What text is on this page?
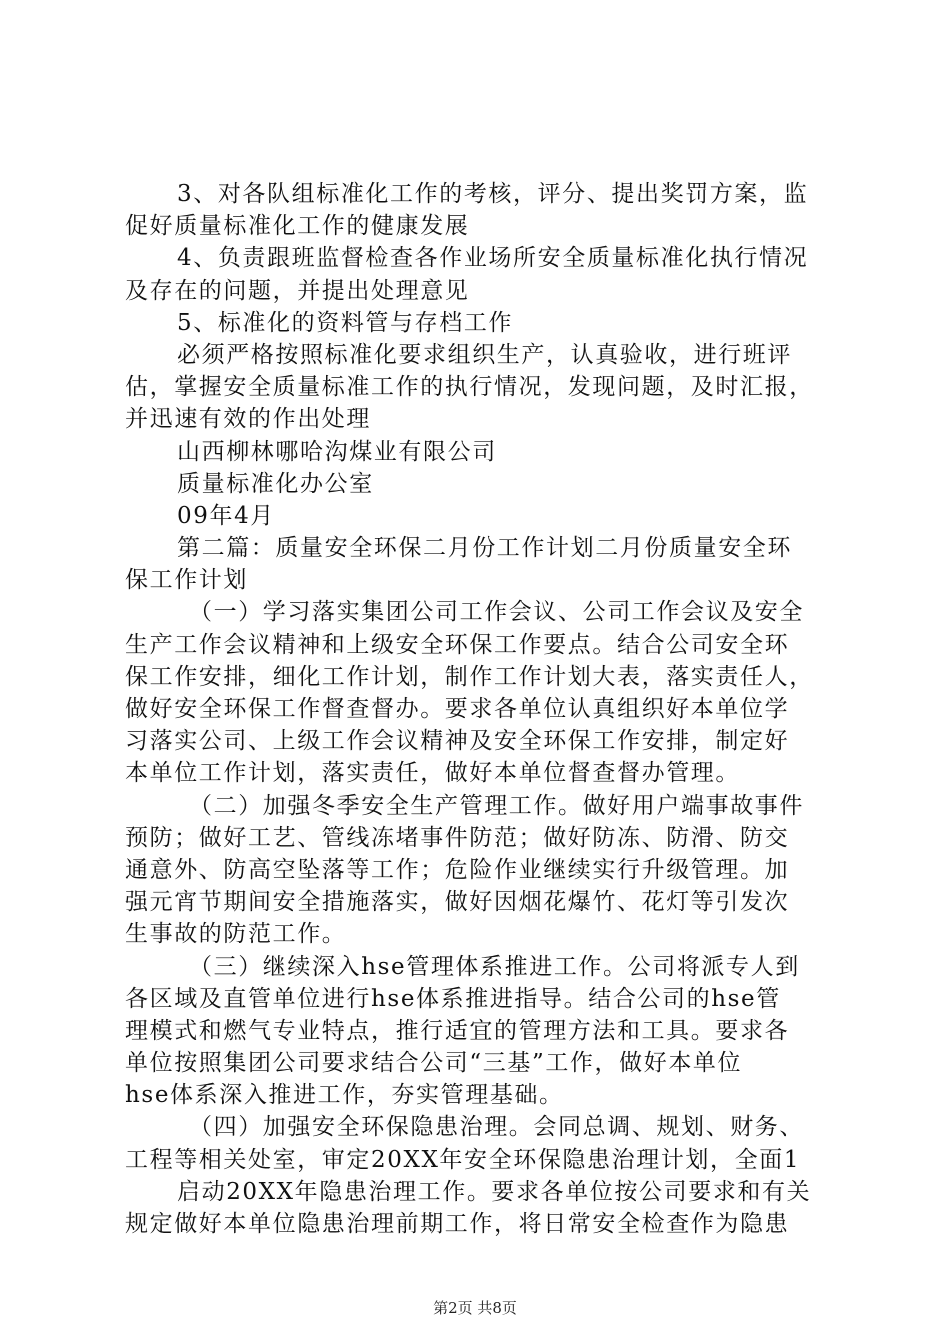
3、对各队组标准化工作的考核，评分、提出奖罚方案，监
促好质量标准化工作的健康发展
4、负责跟班监督检查各作业场所安全质量标准化执行情况
及存在的问题，并提出处理意见
5、标准化的资料管与存档工作
必须严格按照标准化要求组织生产，认真验收，进行班评
估，掌握安全质量标准工作的执行情况，发现问题，及时汇报，
并迅速有效的作出处理
山西柳林哪哈沟煤业有限公司
质量标准化办公室
09年4月
第二篇：质量安全环保二月份工作计划二月份质量安全环
保工作计划
（一）学习落实集团公司工作会议、公司工作会议及安全
生产工作会议精神和上级安全环保工作要点。结合公司安全环
保工作安排，细化工作计划，制作工作计划大表，落实责任人，
做好安全环保工作督查督办。要求各单位认真组织好本单位学
习落实公司、上级工作会议精神及安全环保工作安排，制定好
本单位工作计划，落实责任，做好本单位督查督办管理。
（二）加强冬季安全生产管理工作。做好用户端事故事件
预防；做好工艺、管线冻堵事件防范；做好防冻、防滑、防交
通意外、防高空坠落等工作；危险作业继续实行升级管理。加
强元宵节期间安全措施落实，做好因烟花爆竹、花灯等引发次
生事故的防范工作。
（三）继续深入hse管理体系推进工作。公司将派专人到
各区域及直管单位进行hse体系推进指导。结合公司的hse管
理模式和燃气专业特点，推行适宜的管理方法和工具。要求各
单位按照集团公司要求结合公司“三基”工作，做好本单位
hse体系深入推进工作，夯实管理基础。
（四）加强安全环保隐患治理。会同总调、规划、财务、
工程等相关处室，审定20XX年安全环保隐患治理计划，全面1
启动20XX年隐患治理工作。要求各单位按公司要求和有关
规定做好本单位隐患治理前期工作，将日常安全检查作为隐患
第2页 共8页
